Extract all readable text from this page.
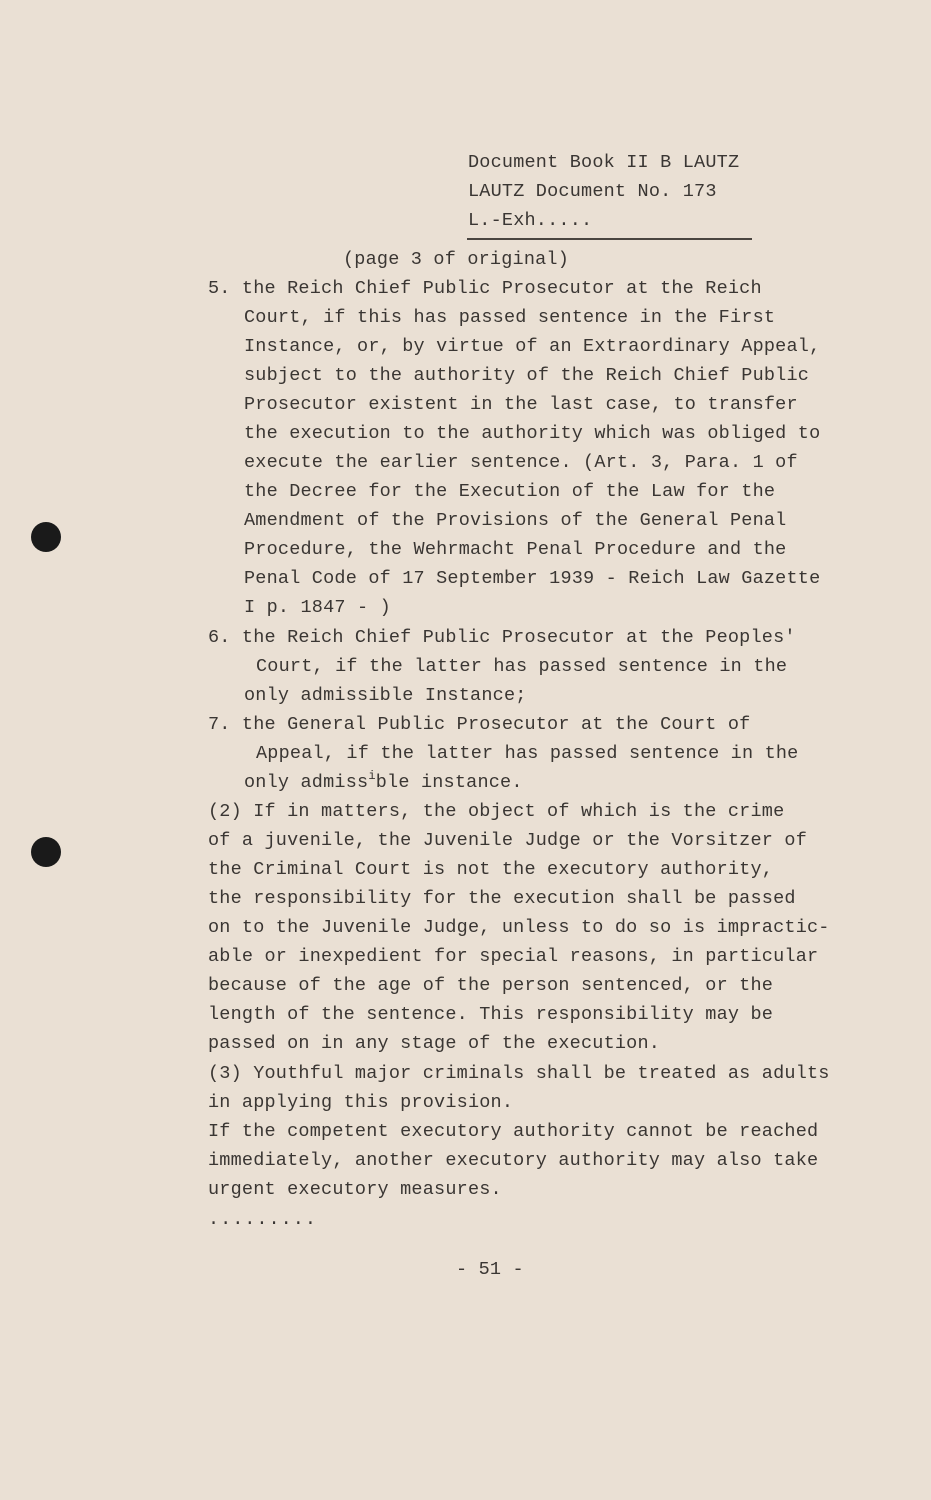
Document Book II B LAUTZ
LAUTZ Document No. 173
L.-Exh.....
(page 3 of original)
5. the Reich Chief Public Prosecutor at the Reich
Court, if this has passed sentence in the First
Instance, or, by virtue of an Extraordinary Appeal,
subject to the authority of the Reich Chief Public
Prosecutor existent in the last case, to transfer
the execution to the authority which was obliged to
execute the earlier sentence. (Art. 3, Para. 1 of
the Decree for the Execution of the Law for the
Amendment of the Provisions of the General Penal
Procedure, the Wehrmacht Penal Procedure and the
Penal Code of 17 September 1939 - Reich Law Gazette
I p. 1847 - )
6. the Reich Chief Public Prosecutor at the Peoples'
Court, if the latter has passed sentence in the
only admissible Instance;
7. the General Public Prosecutor at the Court of
Appeal, if the latter has passed sentence in the
only admiss$^i$ble instance.
(2) If in matters, the object of which is the crime
of a juvenile, the Juvenile Judge or the Vorsitzer of
the Criminal Court is not the executory authority,
the responsibility for the execution shall be passed
on to the Juvenile Judge, unless to do so is impractic-
able or inexpedient for special reasons, in particular
because of the age of the person sentenced, or the
length of the sentence. This responsibility may be
passed on in any stage of the execution.
(3) Youthful major criminals shall be treated as adults
in applying this provision.
If the competent executory authority cannot be reached
immediately, another executory authority may also take
urgent executory measures.
.........
- 51 -
